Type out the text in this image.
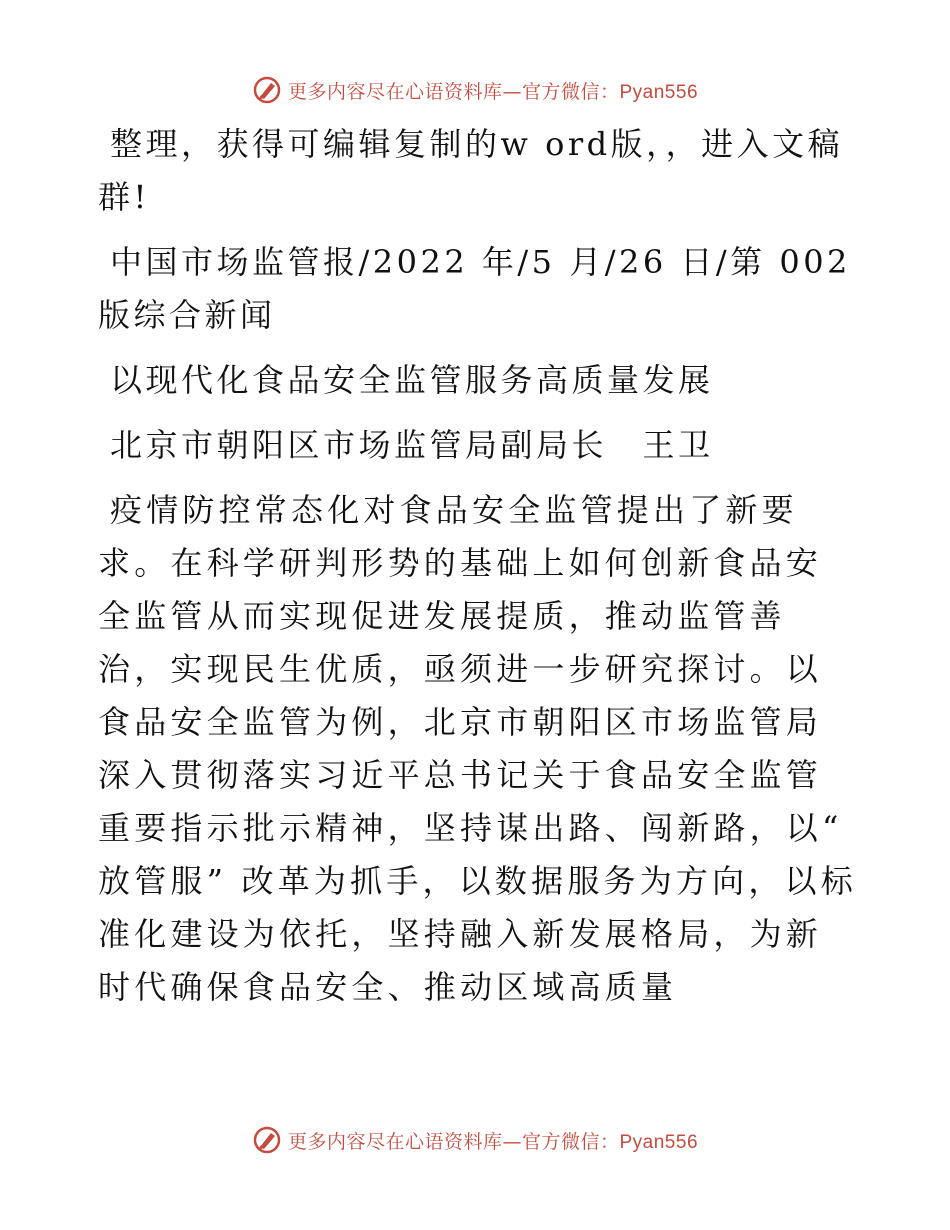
更多内容尽在心语资料库—官方微信：Pyan556

整理，获得可编辑复制的w ord版，，进入文稿群!

中国市场监管报/2022 年/5 月/26 日/第 002 版综合新闻

以现代化食品安全监管服务高质量发展

北京市朝阳区市场监管局副局长　王卫

疫情防控常态化对食品安全监管提出了新要求。在科学研判形势的基础上如何创新食品安全监管从而实现促进发展提质，推动监管善治，实现民生优质，亟须进一步研究探讨。以食品安全监管为例，北京市朝阳区市场监管局深入贯彻落实习近平总书记关于食品安全监管重要指示批示精神，坚持谋出路、闯新路，以“ 放管服” 改革为抓手，以数据服务为方向，以标准化建设为依托，坚持融入新发展格局，为新时代确保食品安全、推动区域高质量

更多内容尽在心语资料库—官方微信：Pyan556
